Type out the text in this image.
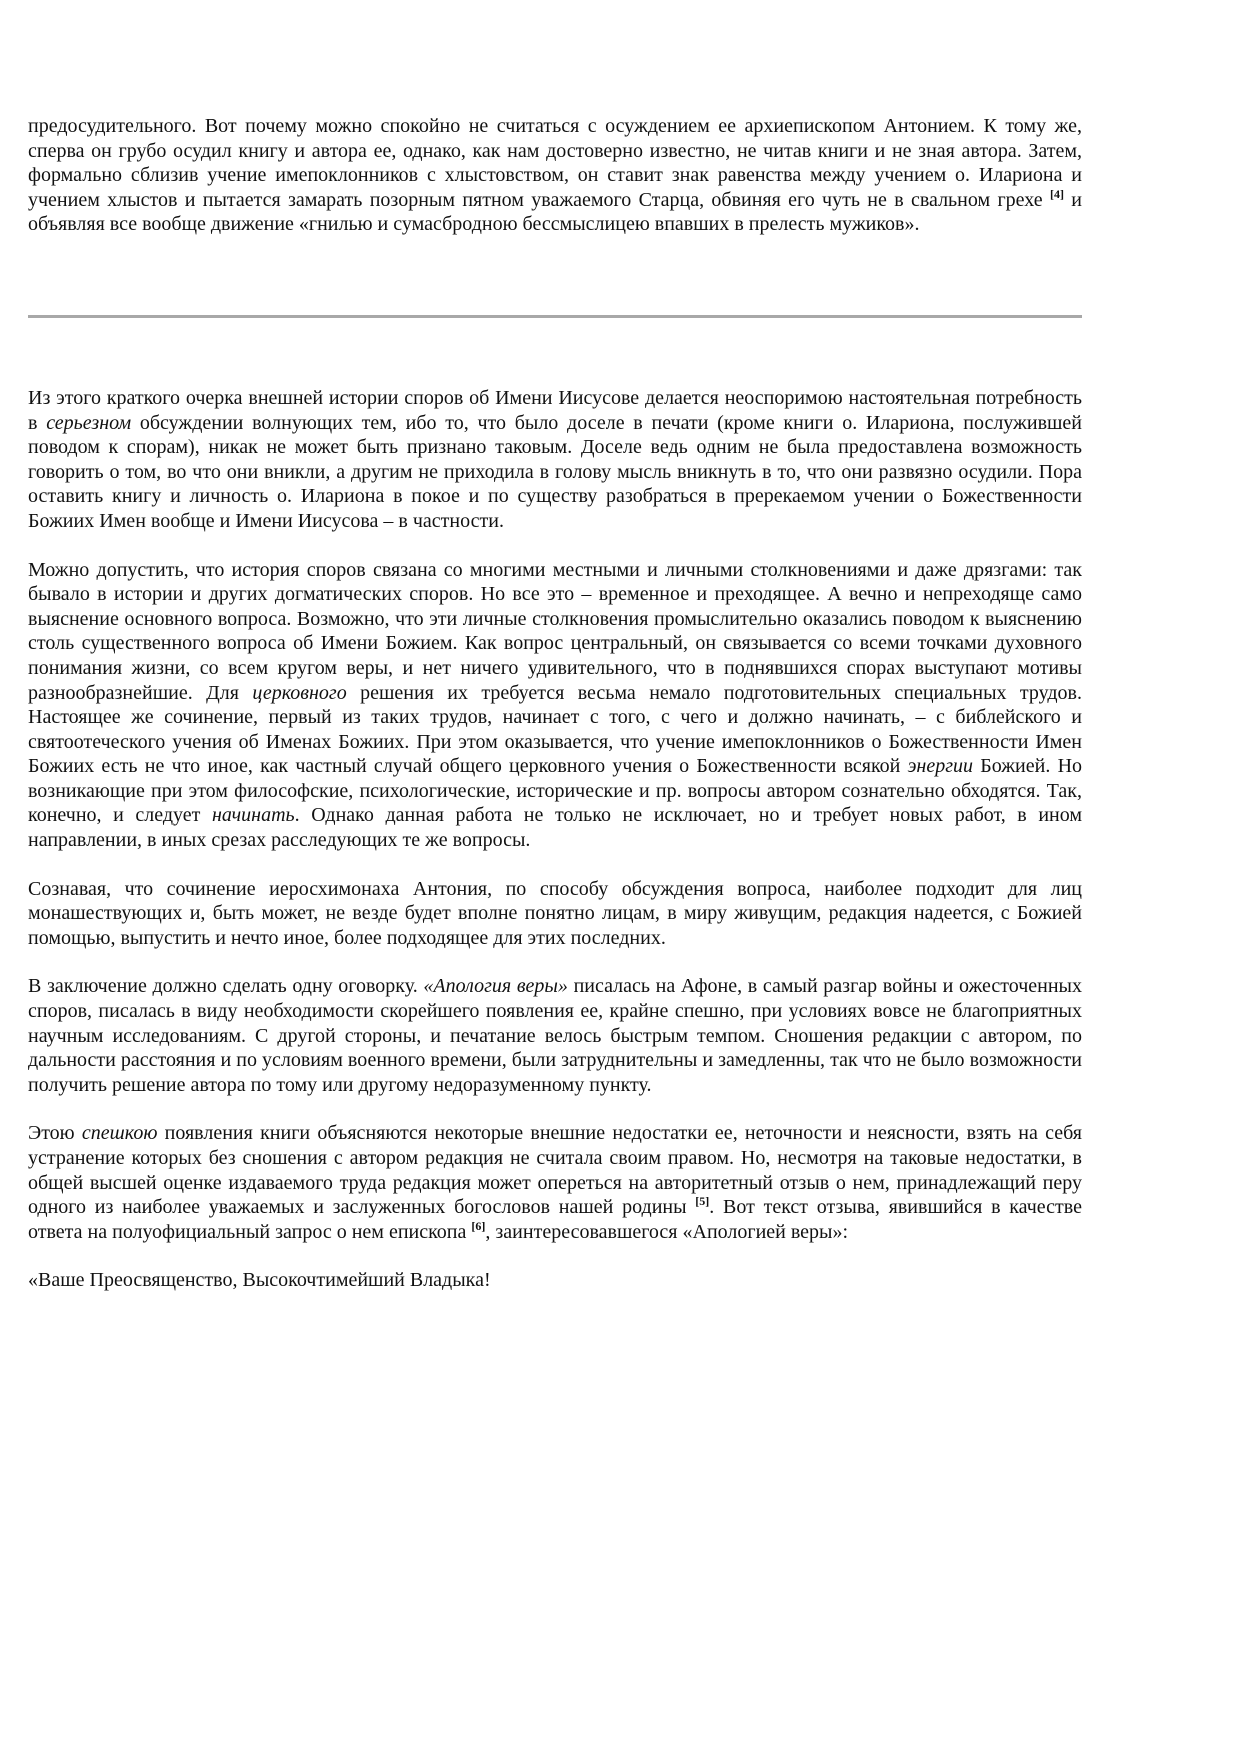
предосудительного. Вот почему можно спокойно не считаться с осуждением ее архиепископом Антонием. К тому же, сперва он грубо осудил книгу и автора ее, однако, как нам достоверно известно, не читав книги и не зная автора. Затем, формально сблизив учение имепоклонников с хлыстовством, он ставит знак равенства между учением о. Илариона и учением хлыстов и пытается замарать позорным пятном уважаемого Старца, обвиняя его чуть не в свальном грехе [4] и объявляя все вообще движение «гнилью и сумасбродною бессмыслицею впавших в прелесть мужиков».

Из этого краткого очерка внешней истории споров об Имени Иисусове делается неоспоримою настоятельная потребность в серьезном обсуждении волнующих тем, ибо то, что было доселе в печати (кроме книги о. Илариона, послужившей поводом к спорам), никак не может быть признано таковым. Доселе ведь одним не была предоставлена возможность говорить о том, во что они вникли, а другим не приходила в голову мысль вникнуть в то, что они развязно осудили. Пора оставить книгу и личность о. Илариона в покое и по существу разобраться в пререкаемом учении о Божественности Божиих Имен вообще и Имени Иисусова – в частности.

Можно допустить, что история споров связана со многими местными и личными столкновениями и даже дрязгами: так бывало в истории и других догматических споров. Но все это – временное и преходящее. А вечно и непреходяще само выяснение основного вопроса. Возможно, что эти личные столкновения промыслительно оказались поводом к выяснению столь существенного вопроса об Имени Божием. Как вопрос центральный, он связывается со всеми точками духовного понимания жизни, со всем кругом веры, и нет ничего удивительного, что в поднявшихся спорах выступают мотивы разнообразнейшие. Для церковного решения их требуется весьма немало подготовительных специальных трудов. Настоящее же сочинение, первый из таких трудов, начинает с того, с чего и должно начинать, – с библейского и святоотеческого учения об Именах Божиих. При этом оказывается, что учение имепоклонников о Божественности Имен Божиих есть не что иное, как частный случай общего церковного учения о Божественности всякой энергии Божией. Но возникающие при этом философские, психологические, исторические и пр. вопросы автором сознательно обходятся. Так, конечно, и следует начинать. Однако данная работа не только не исключает, но и требует новых работ, в ином направлении, в иных срезах расследующих те же вопросы.

Сознавая, что сочинение иеросхимонаха Антония, по способу обсуждения вопроса, наиболее подходит для лиц монашествующих и, быть может, не везде будет вполне понятно лицам, в миру живущим, редакция надеется, с Божией помощью, выпустить и нечто иное, более подходящее для этих последних.

В заключение должно сделать одну оговорку. «Апология веры» писалась на Афоне, в самый разгар войны и ожесточенных споров, писалась в виду необходимости скорейшего появления ее, крайне спешно, при условиях вовсе не благоприятных научным исследованиям. С другой стороны, и печатание велось быстрым темпом. Сношения редакции с автором, по дальности расстояния и по условиям военного времени, были затруднительны и замедленны, так что не было возможности получить решение автора по тому или другому недоразуменному пункту.

Этою спешкою появления книги объясняются некоторые внешние недостатки ее, неточности и неясности, взять на себя устранение которых без сношения с автором редакция не считала своим правом. Но, несмотря на таковые недостатки, в общей высшей оценке издаваемого труда редакция может опереться на авторитетный отзыв о нем, принадлежащий перу одного из наиболее уважаемых и заслуженных богословов нашей родины [5]. Вот текст отзыва, явившийся в качестве ответа на полуофициальный запрос о нем епископа [6], заинтересовавшегося «Апологией веры»:

«Ваше Преосвященство, Высокочтимейший Владыка!
